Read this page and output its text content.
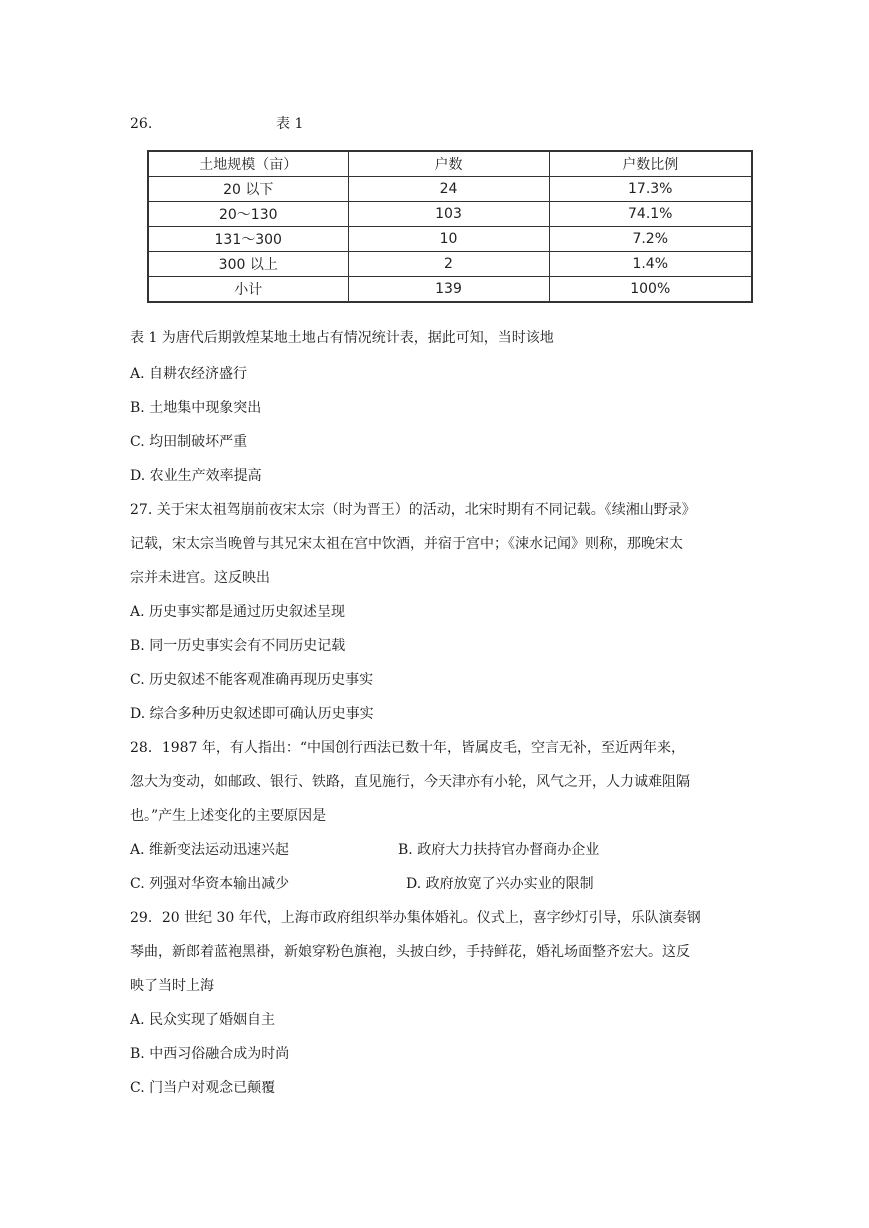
26.	表 1
土地规模（亩）	户数	户数比例
20 以下	24	17.3%
20～130	103	74.1%
131～300	10	7.2%
300 以上	2	1.4%
小计	139	100%
表 1 为唐代后期敦煌某地土地占有情况统计表，据此可知，当时该地
A. 自耕农经济盛行
B. 土地集中现象突出
C. 均田制破坏严重
D. 农业生产效率提高
27. 关于宋太祖驾崩前夜宋太宗（时为晋王）的活动，北宋时期有不同记载。《续湘山野录》
记载，宋太宗当晚曾与其兄宋太祖在宫中饮酒，并宿于宫中；《涑水记闻》则称，那晚宋太
宗并未进宫。这反映出
A. 历史事实都是通过历史叙述呈现
B. 同一历史事实会有不同历史记载
C. 历史叙述不能客观准确再现历史事实
D. 综合多种历史叙述即可确认历史事实
28．1987 年，有人指出：“中国创行西法已数十年，皆属皮毛，空言无补，至近两年来，
忽大为变动，如邮政、银行、铁路，直见施行，今天津亦有小轮，风气之开，人力诚难阻隔
也。”产生上述变化的主要原因是
A. 维新变法运动迅速兴起	B. 政府大力扶持官办督商办企业
C. 列强对华资本输出减少	D. 政府放宽了兴办实业的限制
29．20 世纪 30 年代，上海市政府组织举办集体婚礼。仪式上，喜字纱灯引导，乐队演奏钢
琴曲，新郎着蓝袍黑褂，新娘穿粉色旗袍，头披白纱，手持鲜花，婚礼场面整齐宏大。这反
映了当时上海
A. 民众实现了婚姻自主
B. 中西习俗融合成为时尚
C. 门当户对观念已颠覆
